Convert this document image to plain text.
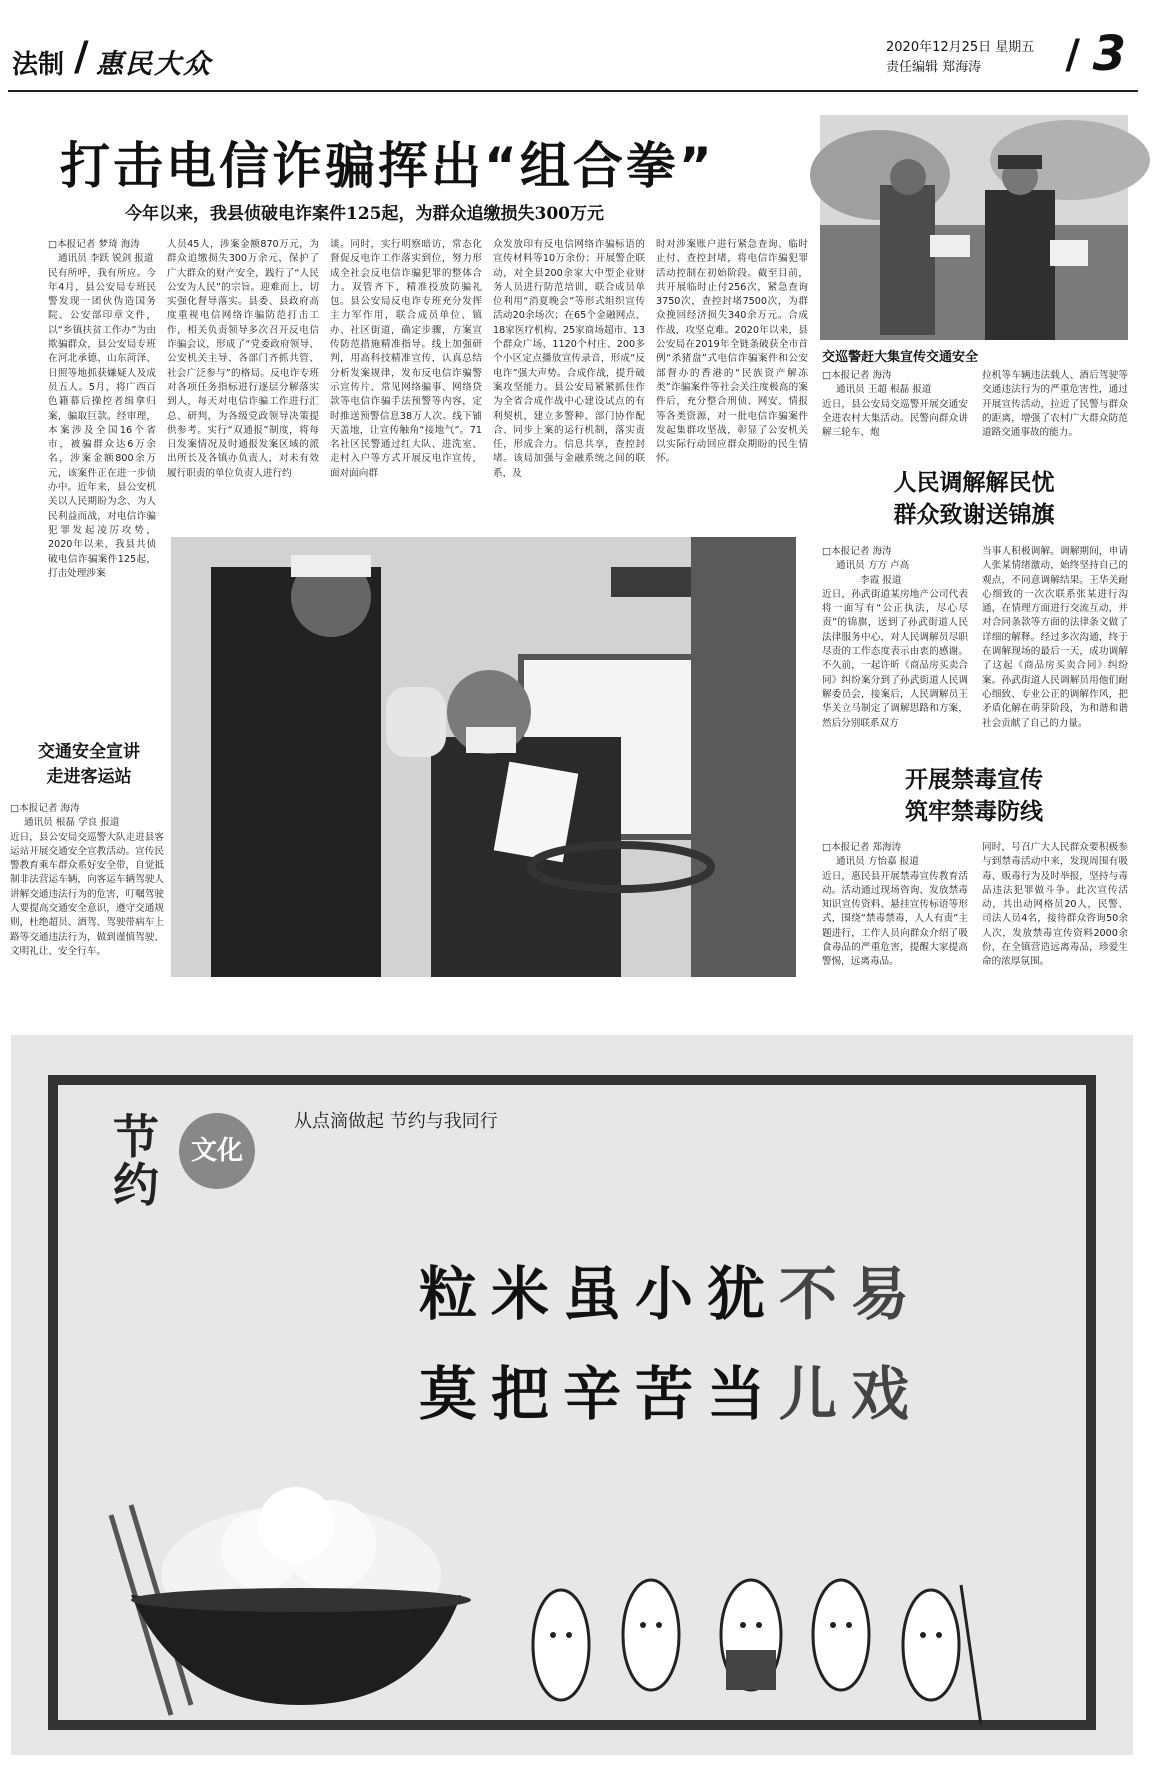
法制 / 惠民大众
2020年12月25日 星期五
责任编辑 郑海涛	/ 3
打击电信诈骗挥出“组合拳”
今年以来，我县侦破电诈案件125起，为群众追缴损失300万元
□本报记者 梦琦 海涛
通讯员 李跃 锐剑 报道
民有所呼，我有所应。今年4月，县公安局专班民警发现一团伙伪造国务院、公安部印章文件，以“乡镇扶贫工作办”为由欺骗群众，县公安局专班在河北承德、山东菏泽、日照等地抓获嫌疑人及成员五人。5月，将广西百色籍幕后操控者缉拿归案，骗取巨款。经审理，本案涉及全国16个省市，被骗群众达6万余名，涉案金额800余万元，该案件正在进一步侦办中。近年来，县公安机关以人民期盼为念、为人民利益而战，对电信诈骗犯罪发起凌厉攻势，2020年以来，我县共侦破电信诈骗案件125起，打击处理涉案
人员45人，涉案金额870万元，为群众追缴损失300万余元，保护了广大群众的财产安全，践行了“人民公安为人民”的宗旨。迎难而上，切实强化督导落实。县委、县政府高度重视电信网络诈骗防范打击工作，相关负责领导多次召开反电信诈骗会议，形成了“党委政府领导、公安机关主导、各部门齐抓共管、社会广泛参与”的格局。反电诈专班对各项任务指标进行逐层分解落实到人，每天对电信诈骗工作进行汇总、研判，为各级党政领导决策提供参考。实行“双通报”制度，将每日发案情况及时通报发案区域的派出所长及各镇办负责人，对未有效履行职责的单位负责人进行约
谈。同时，实行明察暗访，常态化督促反电诈工作落实到位，努力形成全社会反电信诈骗犯罪的整体合力。双管齐下，精准投放防骗礼包。县公安局反电诈专班充分发挥主力军作用，联合成员单位、镇办、社区街道，确定步骤，方案宣传防范措施精准指导。线上加强研判，用高科技精准宣传，认真总结分析发案规律，发布反电信诈骗警示宣传片、常见网络骗事、网络贷款等电信诈骗手法预警等内容，定时推送预警信息38万人次。线下铺天盖地，让宣传触角“接地气”。71名社区民警通过红大队、进洗室、走村入户等方式开展反电诈宣传，面对面向群
众发放印有反电信网络诈骗标语的宣传材料等10万余份；开展警企联动，对全县200余家大中型企业财务人员进行防范培训，联合成员单位利用“消夏晚会”等形式组织宣传活动20余场次；在65个金融网点、18家医疗机构、25家商场超市、13个群众广场、1120个村庄、200多个小区定点播放宣传录音，形成“反电诈”强大声势。合成作战，提升破案攻坚能力。县公安局紧紧抓住作为全省合成作战中心建设试点的有利契机，建立多警种、部门协作配合、同步上案的运行机制，落实责任，形成合力。信息共享，查控封堵。该局加强与金融系统之间的联系，及
时对涉案账户进行紧急查询、临时止付、查控封堵，将电信诈骗犯罪活动控制在初始阶段。截至目前，共开展临时止付256次，紧急查询3750次，查控封堵7500次，为群众挽回经济损失340余万元。合成作战，攻坚克难。2020年以来，县公安局在2019年全链条破获全市首例“杀猪盘”式电信诈骗案件和公安部督办的香港的“民族资产解冻类”诈骗案件等社会关注度极高的案件后，充分整合刑侦、网安、情报等各类资源，对一批电信诈骗案件发起集群攻坚战，彰显了公安机关以实际行动回应群众期盼的民生情怀。
交巡警赶大集宣传交通安全
□本报记者 海涛
通讯员 王超 根磊 报道
近日，县公安局交巡警开展交通安全进农村大集活动。民警向群众讲解三轮车、炮
拉机等车辆违法载人、酒后驾驶等交通违法行为的严重危害性，通过开展宣传活动，拉近了民警与群众的距离，增强了农村广大群众防范道路交通事故的能力。
人民调解解民忧
群众致谢送锦旗
□本报记者 海涛
通讯员 方方 卢高
李霞 报道
近日，孙武街道某房地产公司代表将一面写有“公正执法，尽心尽责”的锦旗，送到了孙武街道人民法律服务中心，对人民调解员尽职尽责的工作态度表示由衷的感谢。不久前，一起许昕《商品房买卖合同》纠纷案分到了孙武街道人民调解委员会，接案后，人民调解员王华关立马制定了调解思路和方案，然后分别联系双方
当事人积极调解。调解期间，申请人张某情绪激动，始终坚持自己的观点，不同意调解结果。王华关耐心细致的一次次联系张某进行沟通，在情理方面进行交流互动，并对合同条款等方面的法律条文做了详细的解释。经过多次沟通，终于在调解现场的最后一天，成功调解了这起《商品房买卖合同》纠纷案。孙武街道人民调解员用他们耐心细致、专业公正的调解作风，把矛盾化解在萌芽阶段，为和谐和谐社会贡献了自己的力量。
开展禁毒宣传
筑牢禁毒防线
□本报记者 郑海涛
通讯员 方怡嘉 报道
近日，惠民县开展禁毒宣传教育活动。活动通过现场咨询、发放禁毒知识宣传资料、悬挂宣传标语等形式，围绕“禁毒禁毒，人人有责”主题进行，工作人员向群众介绍了吸食毒品的严重危害，提醒大家提高警惕，远离毒品。
同时，号召广大人民群众要积极参与到禁毒活动中来，发现周围有吸毒、贩毒行为及时举报，坚持与毒品违法犯罪做斗争。此次宣传活动，共出动网格员20人，民警、司法人员4名，接待群众咨询50余人次，发放禁毒宣传资料2000余份，在全镇营造远离毒品，珍爱生命的浓厚氛围。
交通安全宣讲
走进客运站
□本报记者 海涛
通讯员 根磊 学良 报道
近日，县公安局交巡警大队走进县客运站开展交通安全宣教活动。宣传民警教育乘车群众系好安全带，自觉抵制非法营运车辆，向客运车辆驾驶人讲解交通违法行为的危害，叮嘱驾驶人要提高交通安全意识，遵守交通规则，杜绝超员、酒驾、驾驶带病车上路等交通违法行为，做到谨慎驾驶、文明礼让、安全行车。
节约
文化
从点滴做起 节约与我同行
粒米虽小犹不易
莫把辛苦当儿戏
